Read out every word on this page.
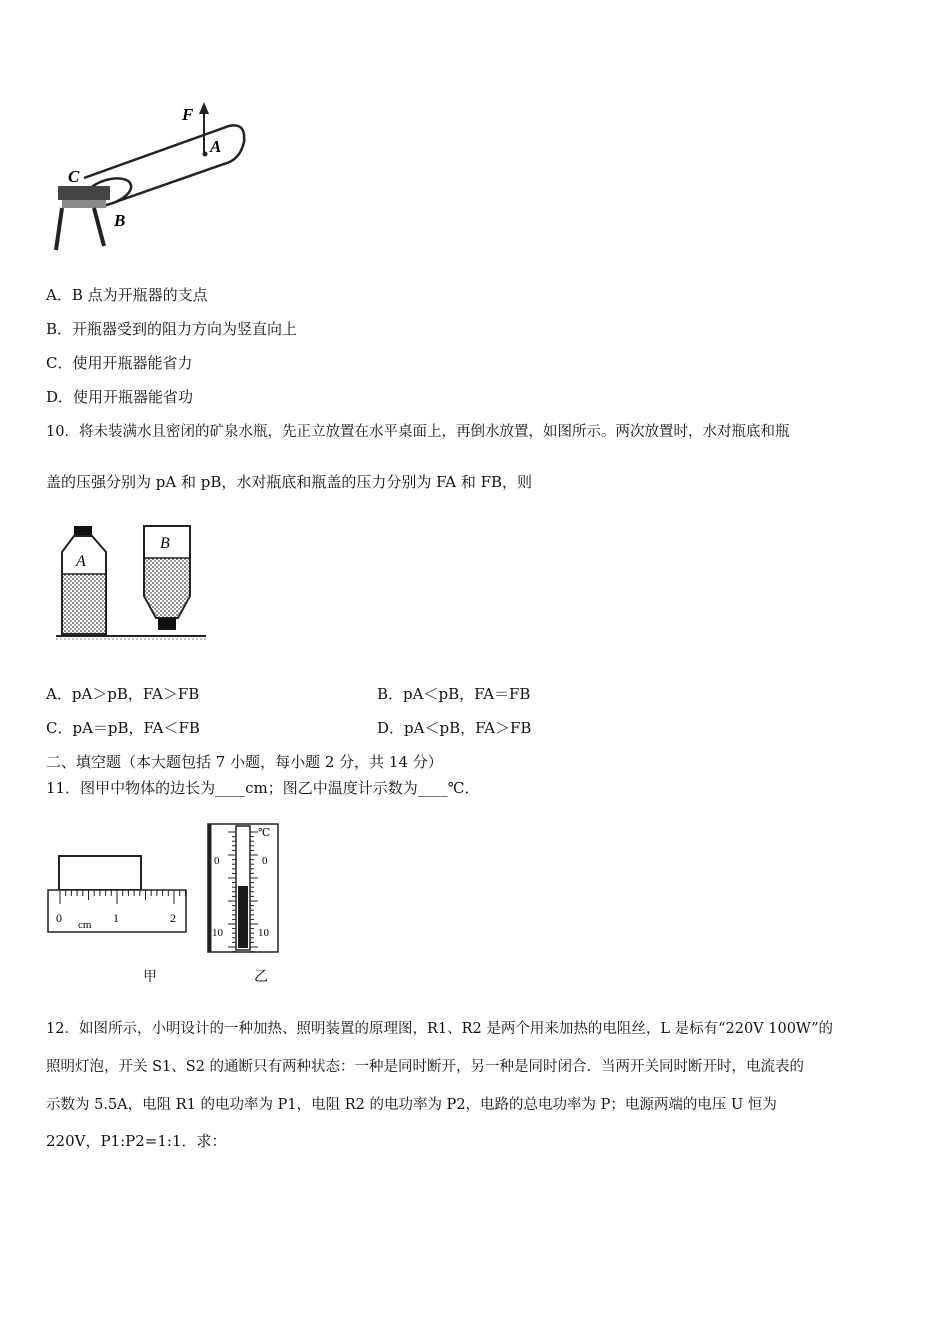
F
A
C
B
A．B 点为开瓶器的支点
B．开瓶器受到的阻力方向为竖直向上
C．使用开瓶器能省力
D．使用开瓶器能省功
10．将未装满水且密闭的矿泉水瓶，先正立放置在水平桌面上，再倒水放置，如图所示。两次放置时，水对瓶底和瓶
盖的压强分别为 pA 和 pB，水对瓶底和瓶盖的压力分别为 FA 和 FB，则
A
B
A．pA＞pB，FA＞FB	B．pA＜pB，FA＝FB
C．pA＝pB，FA＜FB	D．pA＜pB，FA＞FB
二、填空题（本大题包括 7 小题，每小题 2 分，共 14 分）
11．图甲中物体的边长为____cm；图乙中温度计示数为____℃．
0	1	2
cm
℃
0
10
0
10
甲	乙
12．如图所示，小明设计的一种加热、照明装置的原理图，R1、R2 是两个用来加热的电阻丝，L 是标有“220V 100W”的
照明灯泡，开关 S1、S2 的通断只有两种状态：一种是同时断开，另一种是同时闭合．当两开关同时断开时，电流表的
示数为 5.5A，电阻 R1 的电功率为 P1，电阻 R2 的电功率为 P2，电路的总电功率为 P；电源两端的电压 U 恒为
220V，P1:P2=1:1．求：
